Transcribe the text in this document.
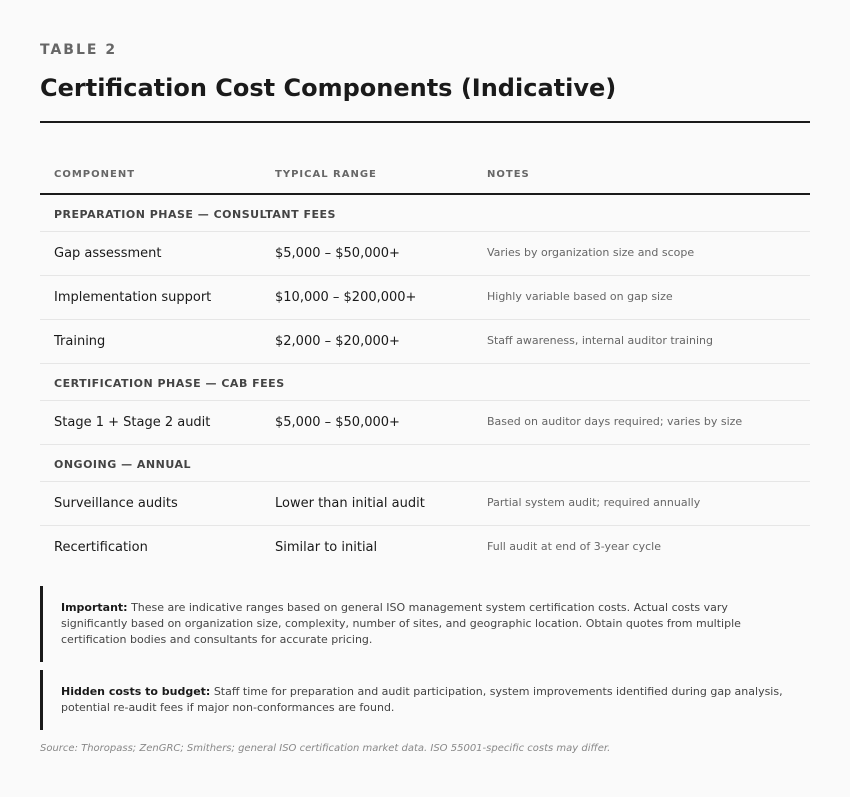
TABLE 2
Certification Cost Components (Indicative)
COMPONENT	TYPICAL RANGE	NOTES
PREPARATION PHASE — CONSULTANT FEES
Gap assessment	$5,000 – $50,000+	Varies by organization size and scope
Implementation support	$10,000 – $200,000+	Highly variable based on gap size
Training	$2,000 – $20,000+	Staff awareness, internal auditor training
CERTIFICATION PHASE — CAB FEES
Stage 1 + Stage 2 audit	$5,000 – $50,000+	Based on auditor days required; varies by size
ONGOING — ANNUAL
Surveillance audits	Lower than initial audit	Partial system audit; required annually
Recertification	Similar to initial	Full audit at end of 3-year cycle
Important: These are indicative ranges based on general ISO management system certification costs. Actual costs vary significantly based on organization size, complexity, number of sites, and geographic location. Obtain quotes from multiple certification bodies and consultants for accurate pricing.
Hidden costs to budget: Staff time for preparation and audit participation, system improvements identified during gap analysis, potential re-audit fees if major non-conformances are found.
Source: Thoropass; ZenGRC; Smithers; general ISO certification market data. ISO 55001-specific costs may differ.
